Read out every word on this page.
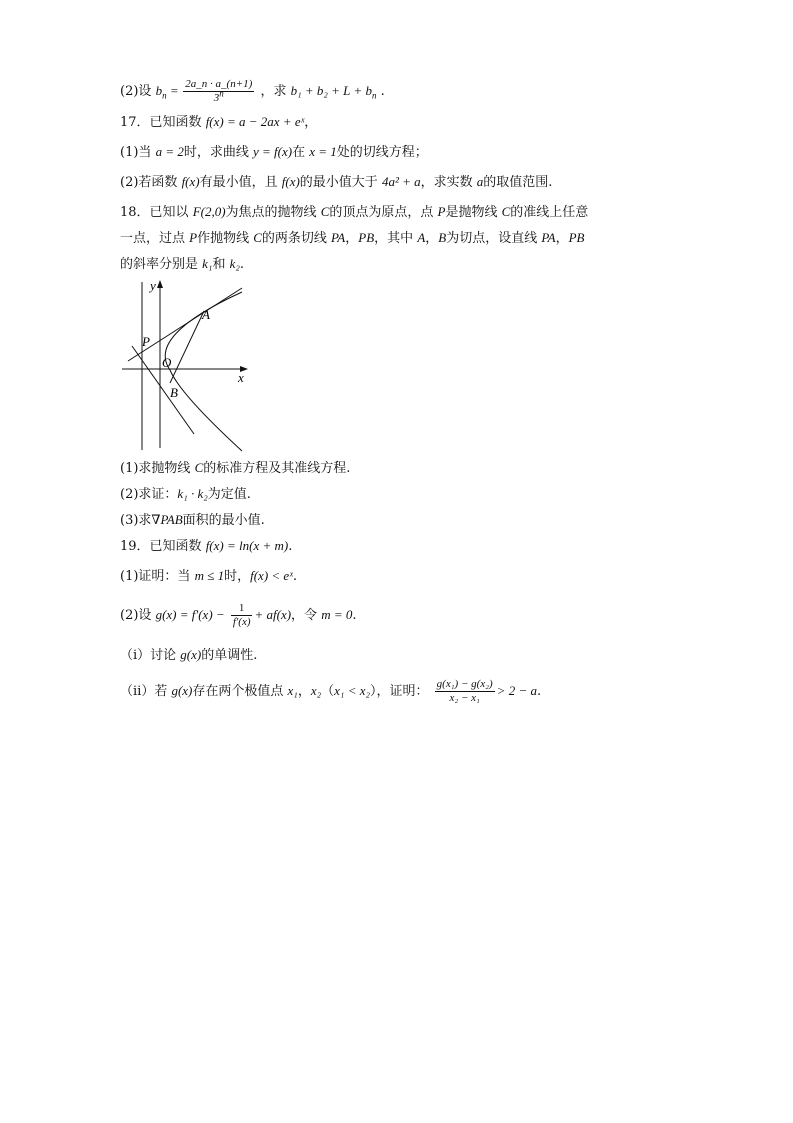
(2)设 $b_n = \frac{2a\_n \cdot a\_(n+1)}{3^n}$ ，求 $b_1 + b_2 + L + b_n$ .
17．已知函数 f(x) = a − 2ax + eˣ，
(1)当 a = 2时，求曲线 y = f(x)在 x = 1处的切线方程；
(2)若函数 f(x)有最小值，且 f(x)的最小值大于 4a² + a，求实数 a的取值范围.
18．已知以 F(2,0)为焦点的抛物线 C的顶点为原点，点 P是抛物线 C的准线上任意
一点，过点 P作抛物线 C的两条切线 PA，PB，其中 A，B为切点，设直线 PA，PB
的斜率分别是 k₁和 k₂.
y
x
A
P
O
B
(1)求抛物线 C的标准方程及其准线方程.
(2)求证：k₁ · k₂为定值.
(3)求∇PAB面积的最小值.
19．已知函数 f(x) = ln(x + m).
(1)证明：当 m ≤ 1时，f(x) < eˣ.
(2)设 $g(x) = f'(x) - \frac{1}{f'(x)} + af(x)$，令 m = 0.
（ⅰ）讨论 g(x)的单调性.
（ⅱ）若 g(x)存在两个极值点 x₁，x₂（x₁ < x₂），证明： $\frac{\text{g(x₁) − g(x₂)}}{\text{x₂ − x₁}} > 2 - a$.
